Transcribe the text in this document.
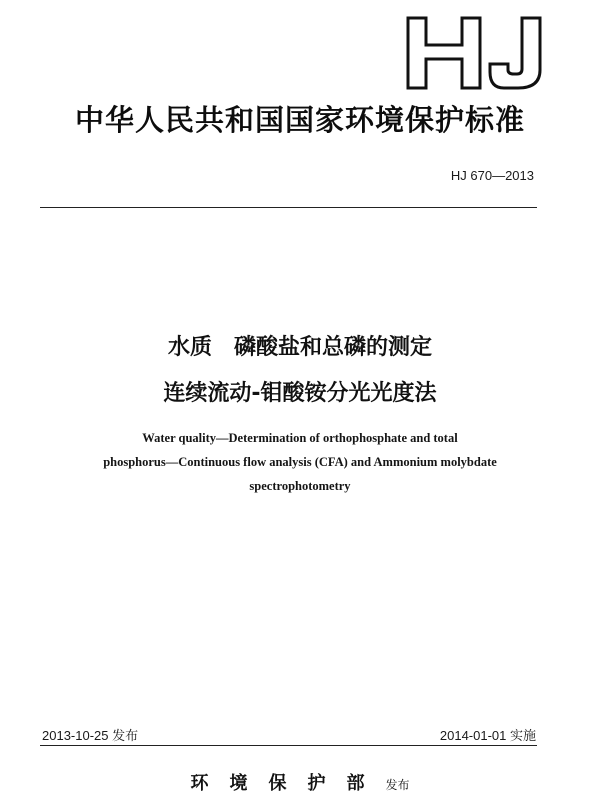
中华人民共和国国家环境保护标准
HJ 670—2013
水质　磷酸盐和总磷的测定
连续流动-钼酸铵分光光度法
Water quality—Determination of orthophosphate and total
phosphorus—Continuous flow analysis (CFA) and Ammonium molybdate
spectrophotometry
2013-10-25 发布	2014-01-01 实施
环境保护部发布
